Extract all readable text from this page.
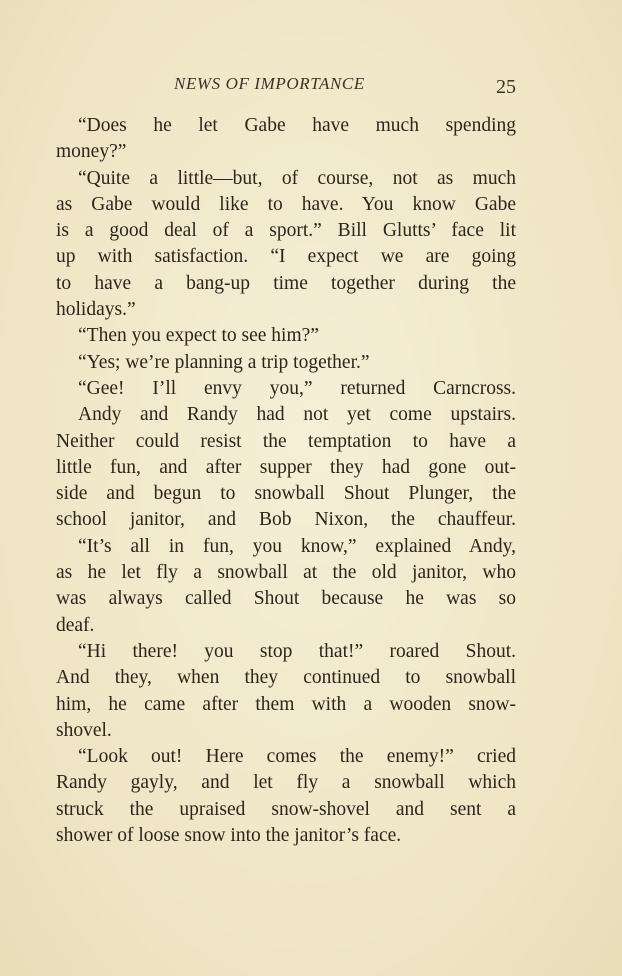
NEWS OF IMPORTANCE	25
“Does he let Gabe have much spending
money?”
“Quite a little—but, of course, not as much
as Gabe would like to have. You know Gabe
is a good deal of a sport.” Bill Glutts’ face lit
up with satisfaction. “I expect we are going
to have a bang-up time together during the
holidays.”
“Then you expect to see him?”
“Yes; we’re planning a trip together.”
“Gee! I’ll envy you,” returned Carncross.
Andy and Randy had not yet come upstairs.
Neither could resist the temptation to have a
little fun, and after supper they had gone out-
side and begun to snowball Shout Plunger, the
school janitor, and Bob Nixon, the chauffeur.
“It’s all in fun, you know,” explained Andy,
as he let fly a snowball at the old janitor, who
was always called Shout because he was so
deaf.
“Hi there! you stop that!” roared Shout.
And they, when they continued to snowball
him, he came after them with a wooden snow-
shovel.
“Look out! Here comes the enemy!” cried
Randy gayly, and let fly a snowball which
struck the upraised snow-shovel and sent a
shower of loose snow into the janitor’s face.
